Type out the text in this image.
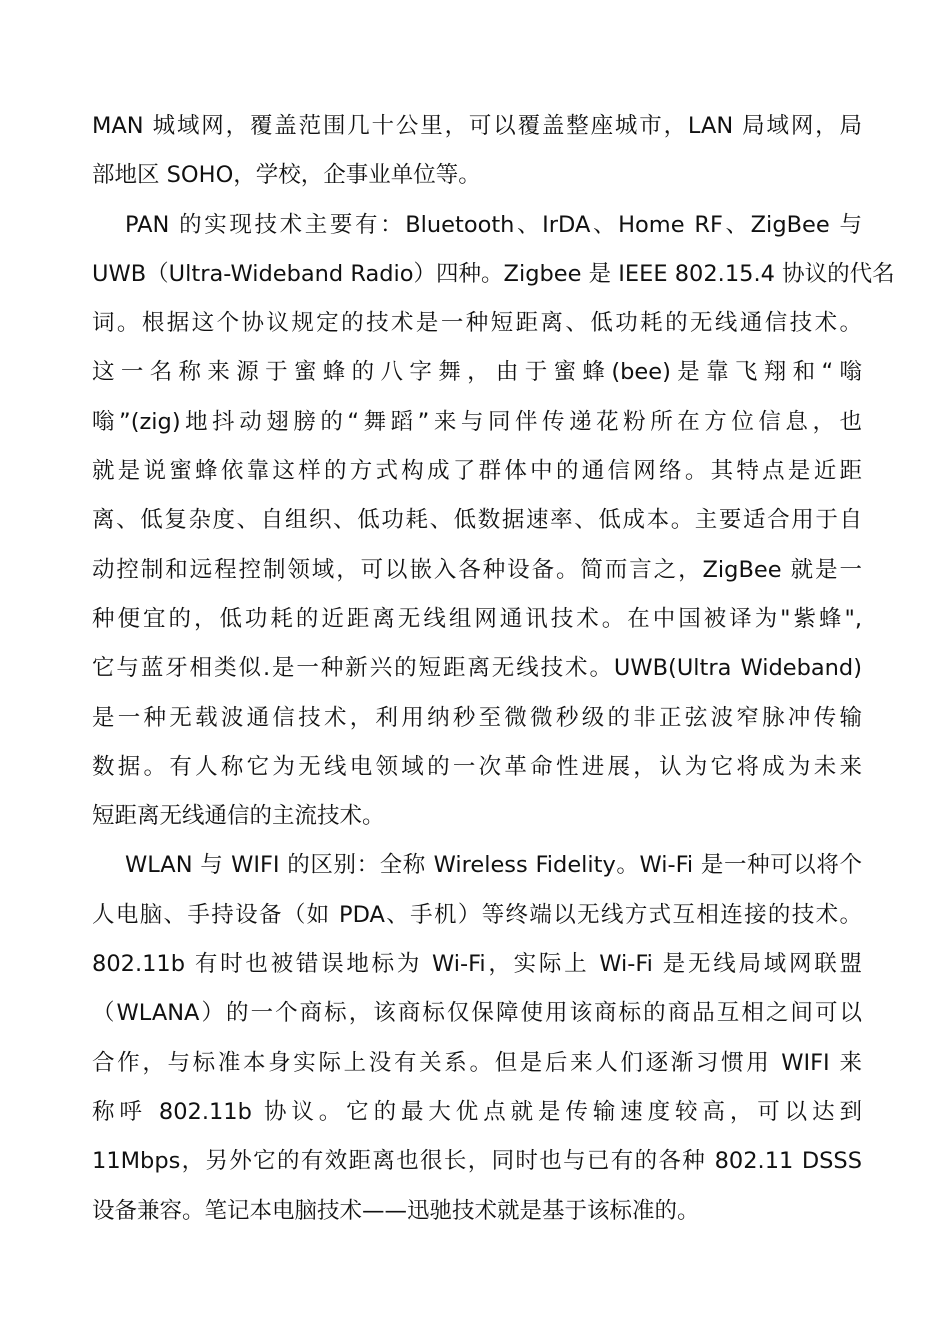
MAN 城域网，覆盖范围几十公里，可以覆盖整座城市，LAN 局域网，局
部地区 SOHO，学校，企事业单位等。
PAN 的实现技术主要有：Bluetooth、IrDA、Home RF、ZigBee 与
UWB（Ultra-Wideband Radio）四种。Zigbee 是 IEEE 802.15.4 协议的代名
词。根据这个协议规定的技术是一种短距离、低功耗的无线通信技术。
这一名称来源于蜜蜂的八字舞，由于蜜蜂(bee)是靠飞翔和“嗡
嗡”(zig)地抖动翅膀的“舞蹈”来与同伴传递花粉所在方位信息，也
就是说蜜蜂依靠这样的方式构成了群体中的通信网络。其特点是近距
离、低复杂度、自组织、低功耗、低数据速率、低成本。主要适合用于自
动控制和远程控制领域，可以嵌入各种设备。简而言之，ZigBee 就是一
种便宜的，低功耗的近距离无线组网通讯技术。在中国被译为"紫蜂",
它与蓝牙相类似.是一种新兴的短距离无线技术。UWB(Ultra Wideband)
是一种无载波通信技术，利用纳秒至微微秒级的非正弦波窄脉冲传输
数据。有人称它为无线电领域的一次革命性进展，认为它将成为未来
短距离无线通信的主流技术。
WLAN 与 WIFI 的区别：全称 Wireless Fidelity。Wi-Fi 是一种可以将个
人电脑、手持设备（如 PDA、手机）等终端以无线方式互相连接的技术。
802.11b 有时也被错误地标为 Wi-Fi，实际上 Wi-Fi 是无线局域网联盟
（WLANA）的一个商标，该商标仅保障使用该商标的商品互相之间可以
合作，与标准本身实际上没有关系。但是后来人们逐渐习惯用 WIFI 来
称呼 802.11b 协议。它的最大优点就是传输速度较高，可以达到
11Mbps，另外它的有效距离也很长，同时也与已有的各种 802.11 DSSS
设备兼容。笔记本电脑技术——迅驰技术就是基于该标准的。
